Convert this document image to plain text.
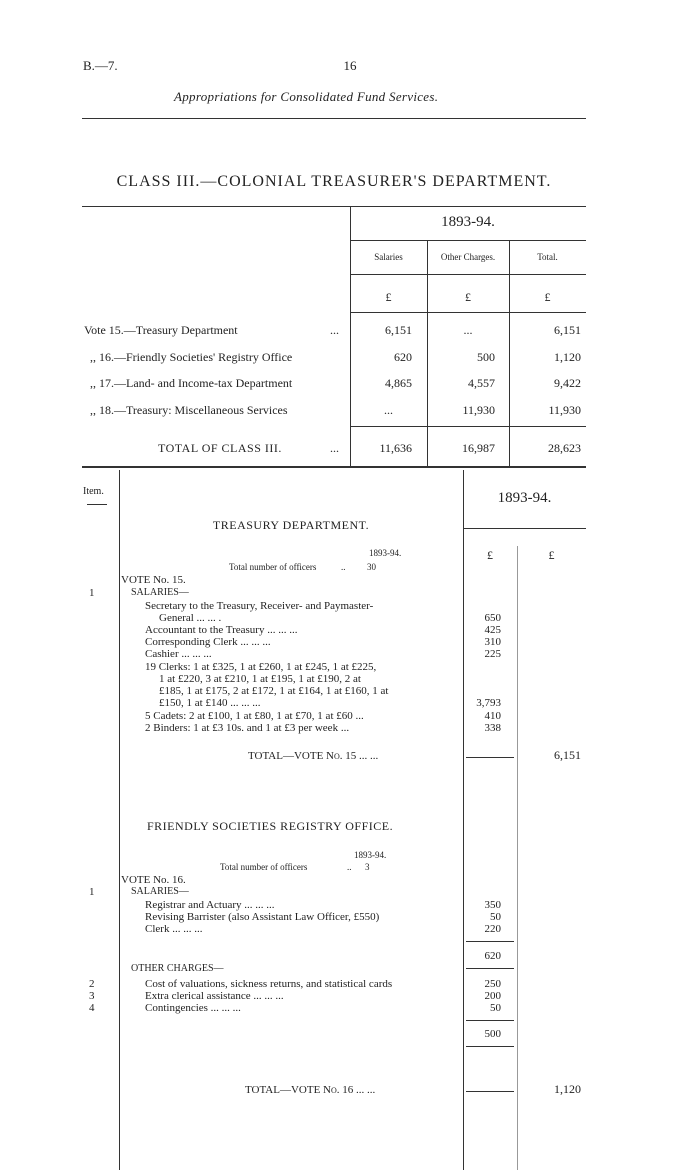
B.—7.	16
Appropriations for Consolidated Fund Services.
CLASS III.—COLONIAL TREASURER'S DEPARTMENT.
1893-94.
Salaries	Other Charges.	Total.
£	£	£
Vote 15.—Treasury Department	...	6,151	...	6,151
,, 16.—Friendly Societies' Registry Office	620	500	1,120
,, 17.—Land- and Income-tax Department	4,865	4,557	9,422
,, 18.—Treasury: Miscellaneous Services	...	11,930	11,930
TOTAL OF CLASS III.	...	11,636	16,987	28,623
Item.	1893-94.
TREASURY DEPARTMENT.
£	£
1893-94.
Total number of officers	.. 30
VOTE No. 15.
1	SALARIES—
Secretary to the Treasury, Receiver- and Paymaster-
General ... ... .	650
Accountant to the Treasury ... ... ...	425
Corresponding Clerk ... ... ...	310
Cashier ... ... ...	225
19 Clerks: 1 at £325, 1 at £260, 1 at £245, 1 at £225,
1 at £220, 3 at £210, 1 at £195, 1 at £190, 2 at
£185, 1 at £175, 2 at £172, 1 at £164, 1 at £160, 1 at
£150, 1 at £140 ... ... ...	3,793
5 Cadets: 2 at £100, 1 at £80, 1 at £70, 1 at £60 ...	410
2 Binders: 1 at £3 10s. and 1 at £3 per week ...	338
TOTAL—VOTE No. 15 ... ...	6,151
FRIENDLY SOCIETIES REGISTRY OFFICE.
1893-94.
Total number of officers	.. 3
VOTE No. 16.
1	SALARIES—
Registrar and Actuary ... ... ...	350
Revising Barrister (also Assistant Law Officer, £550)	50
Clerk ... ... ...	220
620
OTHER CHARGES—
2	Cost of valuations, sickness returns, and statistical cards	250
3	Extra clerical assistance ... ... ...	200
4	Contingencies ... ... ...	50
500
TOTAL—VOTE No. 16 ... ...	1,120
